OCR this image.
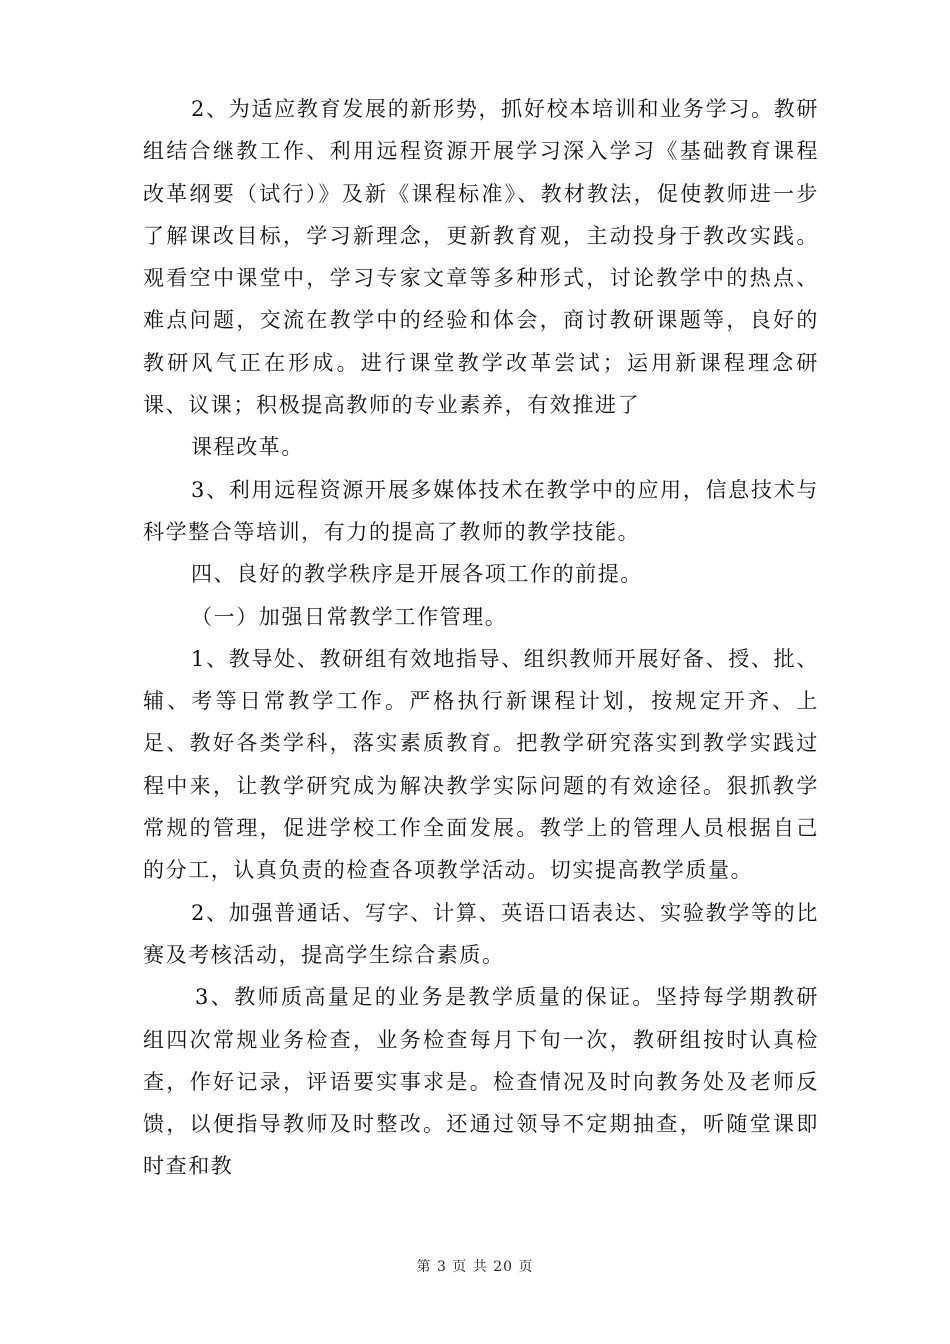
2、为适应教育发展的新形势，抓好校本培训和业务学习。教研组结合继教工作、利用远程资源开展学习深入学习《基础教育课程改革纲要（试行）》及新《课程标准》、教材教法，促使教师进一步了解课改目标，学习新理念，更新教育观，主动投身于教改实践。观看空中课堂中，学习专家文章等多种形式，讨论教学中的热点、难点问题，交流在教学中的经验和体会，商讨教研课题等，良好的教研风气正在形成。进行课堂教学改革尝试；运用新课程理念研课、议课；积极提高教师的专业素养，有效推进了

课程改革。

3、利用远程资源开展多媒体技术在教学中的应用，信息技术与科学整合等培训，有力的提高了教师的教学技能。

四、良好的教学秩序是开展各项工作的前提。

（一）加强日常教学工作管理。

1、教导处、教研组有效地指导、组织教师开展好备、授、批、辅、考等日常教学工作。严格执行新课程计划，按规定开齐、上足、教好各类学科，落实素质教育。把教学研究落实到教学实践过程中来，让教学研究成为解决教学实际问题的有效途径。狠抓教学常规的管理，促进学校工作全面发展。教学上的管理人员根据自己的分工，认真负责的检查各项教学活动。切实提高教学质量。

2、加强普通话、写字、计算、英语口语表达、实验教学等的比赛及考核活动，提高学生综合素质。

3、教师质高量足的业务是教学质量的保证。坚持每学期教研组四次常规业务检查，业务检查每月下旬一次，教研组按时认真检查，作好记录，评语要实事求是。检查情况及时向教务处及老师反馈，以便指导教师及时整改。还通过领导不定期抽查，听随堂课即时查和教

第 3 页 共 20 页
